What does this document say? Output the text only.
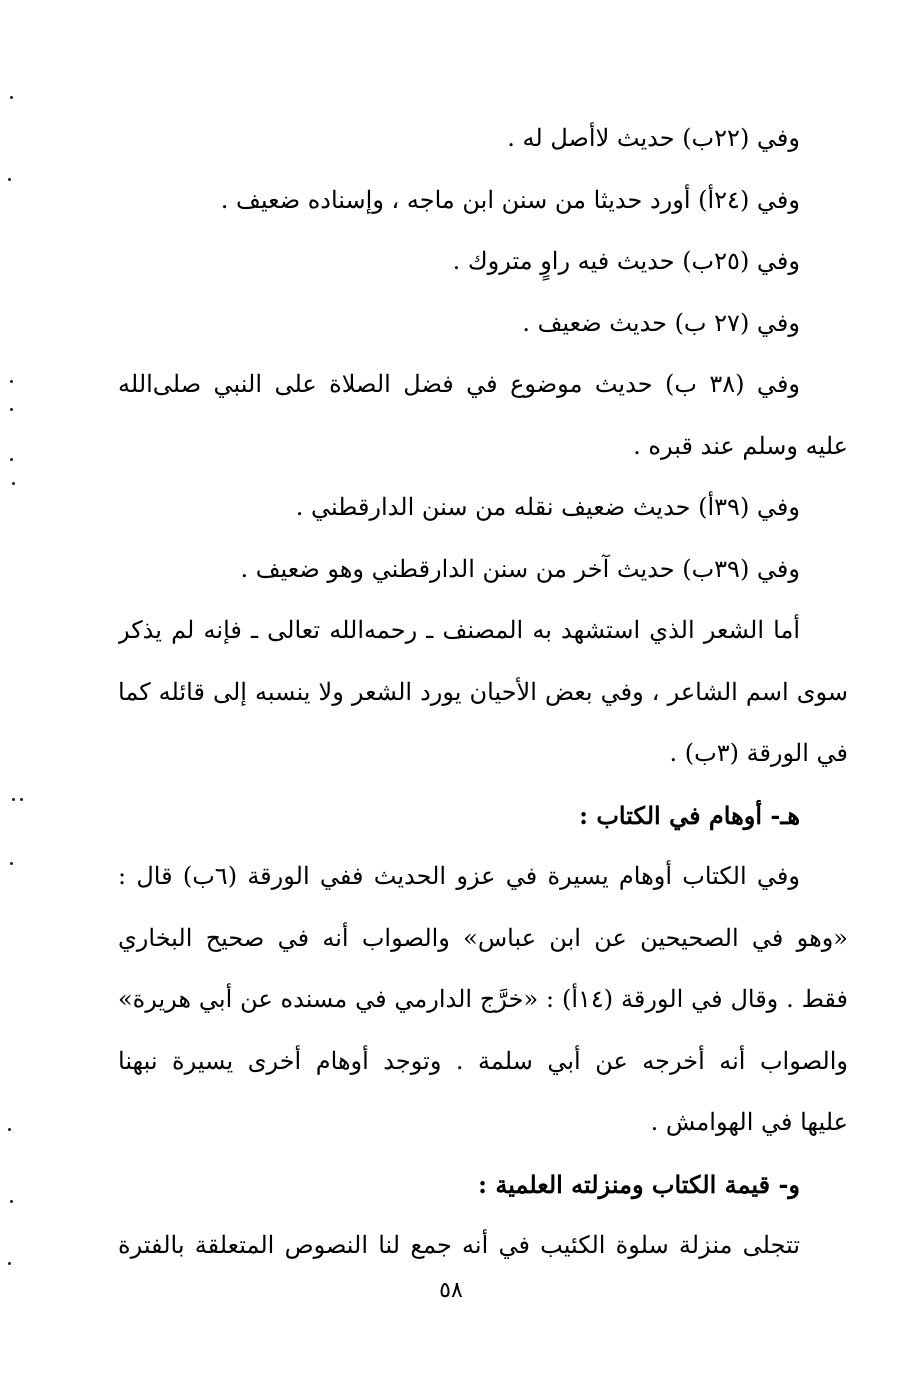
وفي (٢٢ب) حديث لاأصل له .
وفي (٢٤أ) أورد حديثا من سنن ابن ماجه ، وإسناده ضعيف .
وفي (٢٥ب) حديث فيه راوٍ متروك .
وفي (٢٧ ب) حديث ضعيف .
وفي (٣٨ ب) حديث موضوع في فضل الصلاة على النبي صلى‌الله
عليه وسلم عند قبره .
وفي (٣٩أ) حديث ضعيف نقله من سنن الدارقطني .
وفي (٣٩ب) حديث آخر من سنن الدارقطني وهو ضعيف .
أما الشعر الذي استشهد به المصنف ـ رحمه‌الله تعالى ـ فإنه لم يذكر
سوى اسم الشاعر ، وفي بعض الأحيان يورد الشعر ولا ينسبه إلى قائله كما
في الورقة (٣ب) .
هـ- أوهام في الكتاب :
وفي الكتاب أوهام يسيرة في عزو الحديث ففي الورقة (٦ب) قال :
«وهو في الصحيحين عن ابن عباس» والصواب أنه في صحيح البخاري
فقط . وقال في الورقة (١٤أ) : «خرَّج الدارمي في مسنده عن أبي هريرة»
والصواب أنه أخرجه عن أبي سلمة . وتوجد أوهام أخرى يسيرة نبهنا
عليها في الهوامش .
و- قيمة الكتاب ومنزلته العلمية :
تتجلى منزلة سلوة الكئيب في أنه جمع لنا النصوص المتعلقة بالفترة
٥٨
